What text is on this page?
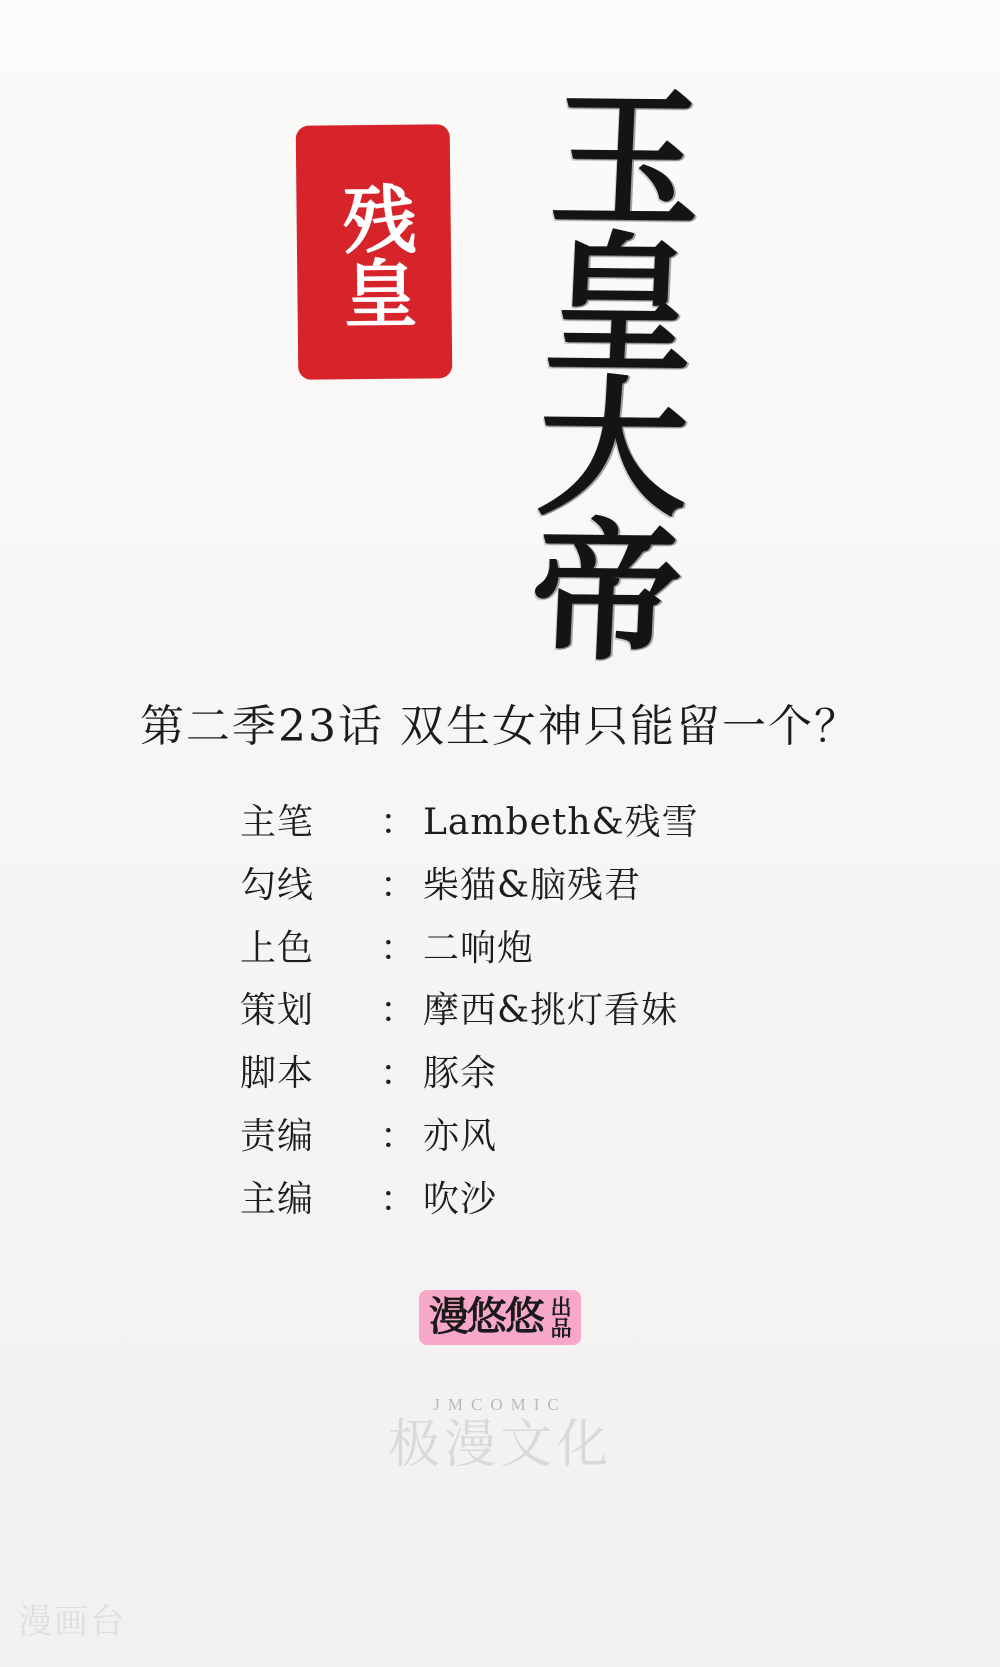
残皇 玉皇大帝
第二季23话 双生女神只能留一个？
主笔	： Lambeth&残雪
勾线	： 柴猫&脑残君
上色	： 二响炮
策划	： 摩西&挑灯看妹
脚本	： 豚余
责编	： 亦风
主编	： 吹沙
漫悠悠 出品
JMCOMIC
极漫文化
漫画台
